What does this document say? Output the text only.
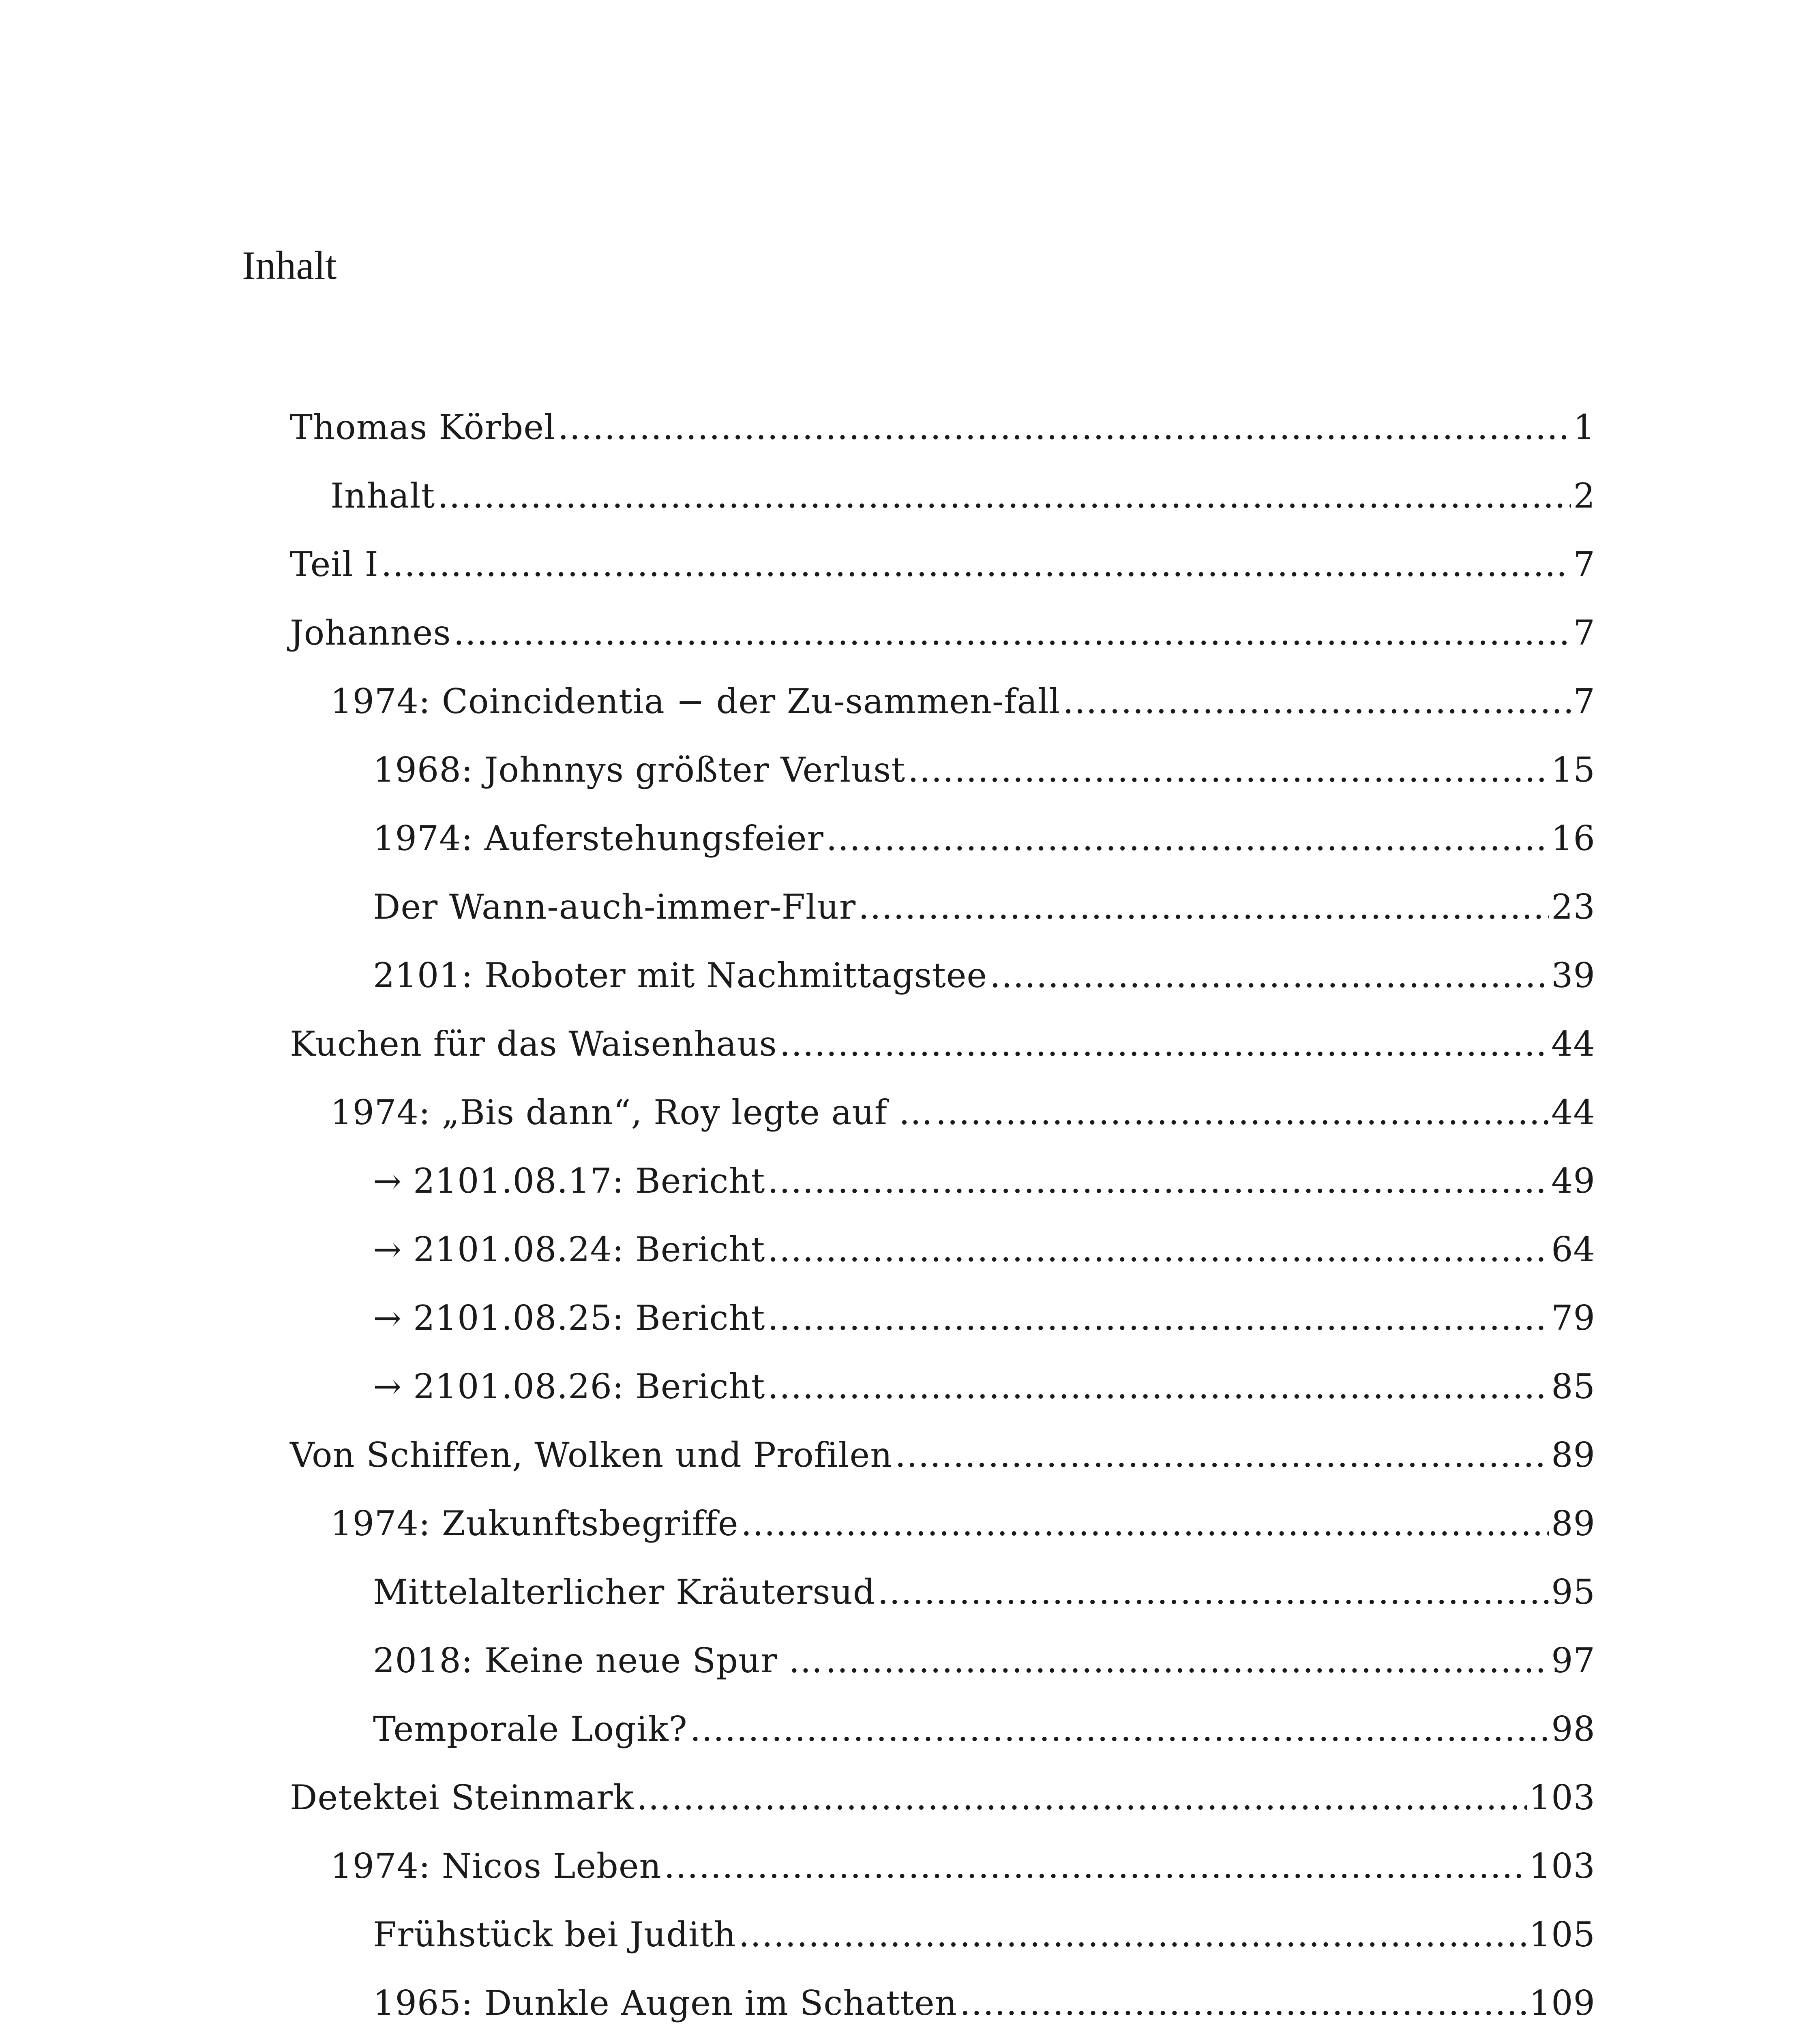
Inhalt
Thomas Körbel .....	1
Inhalt .....	2
Teil I .....	7
Johannes .....	7
1974: Coincidentia − der Zu-sammen-fall .....	7
1968: Johnnys größter Verlust .....	15
1974: Auferstehungsfeier .....	16
Der Wann-auch-immer-Flur .....	23
2101: Roboter mit Nachmittagstee .....	39
Kuchen für das Waisenhaus .....	44
1974: „Bis dann“, Roy legte auf … .....	44
→ 2101.08.17: Bericht .....	49
→ 2101.08.24: Bericht .....	64
→ 2101.08.25: Bericht .....	79
→ 2101.08.26: Bericht .....	85
Von Schiffen, Wolken und Profilen .....	89
1974: Zukunftsbegriffe .....	89
Mittelalterlicher Kräutersud .....	95
2018: Keine neue Spur … .....	97
Temporale Logik? .....	98
Detektei Steinmark .....	103
1974: Nicos Leben .....	103
Frühstück bei Judith .....	105
1965: Dunkle Augen im Schatten .....	109
